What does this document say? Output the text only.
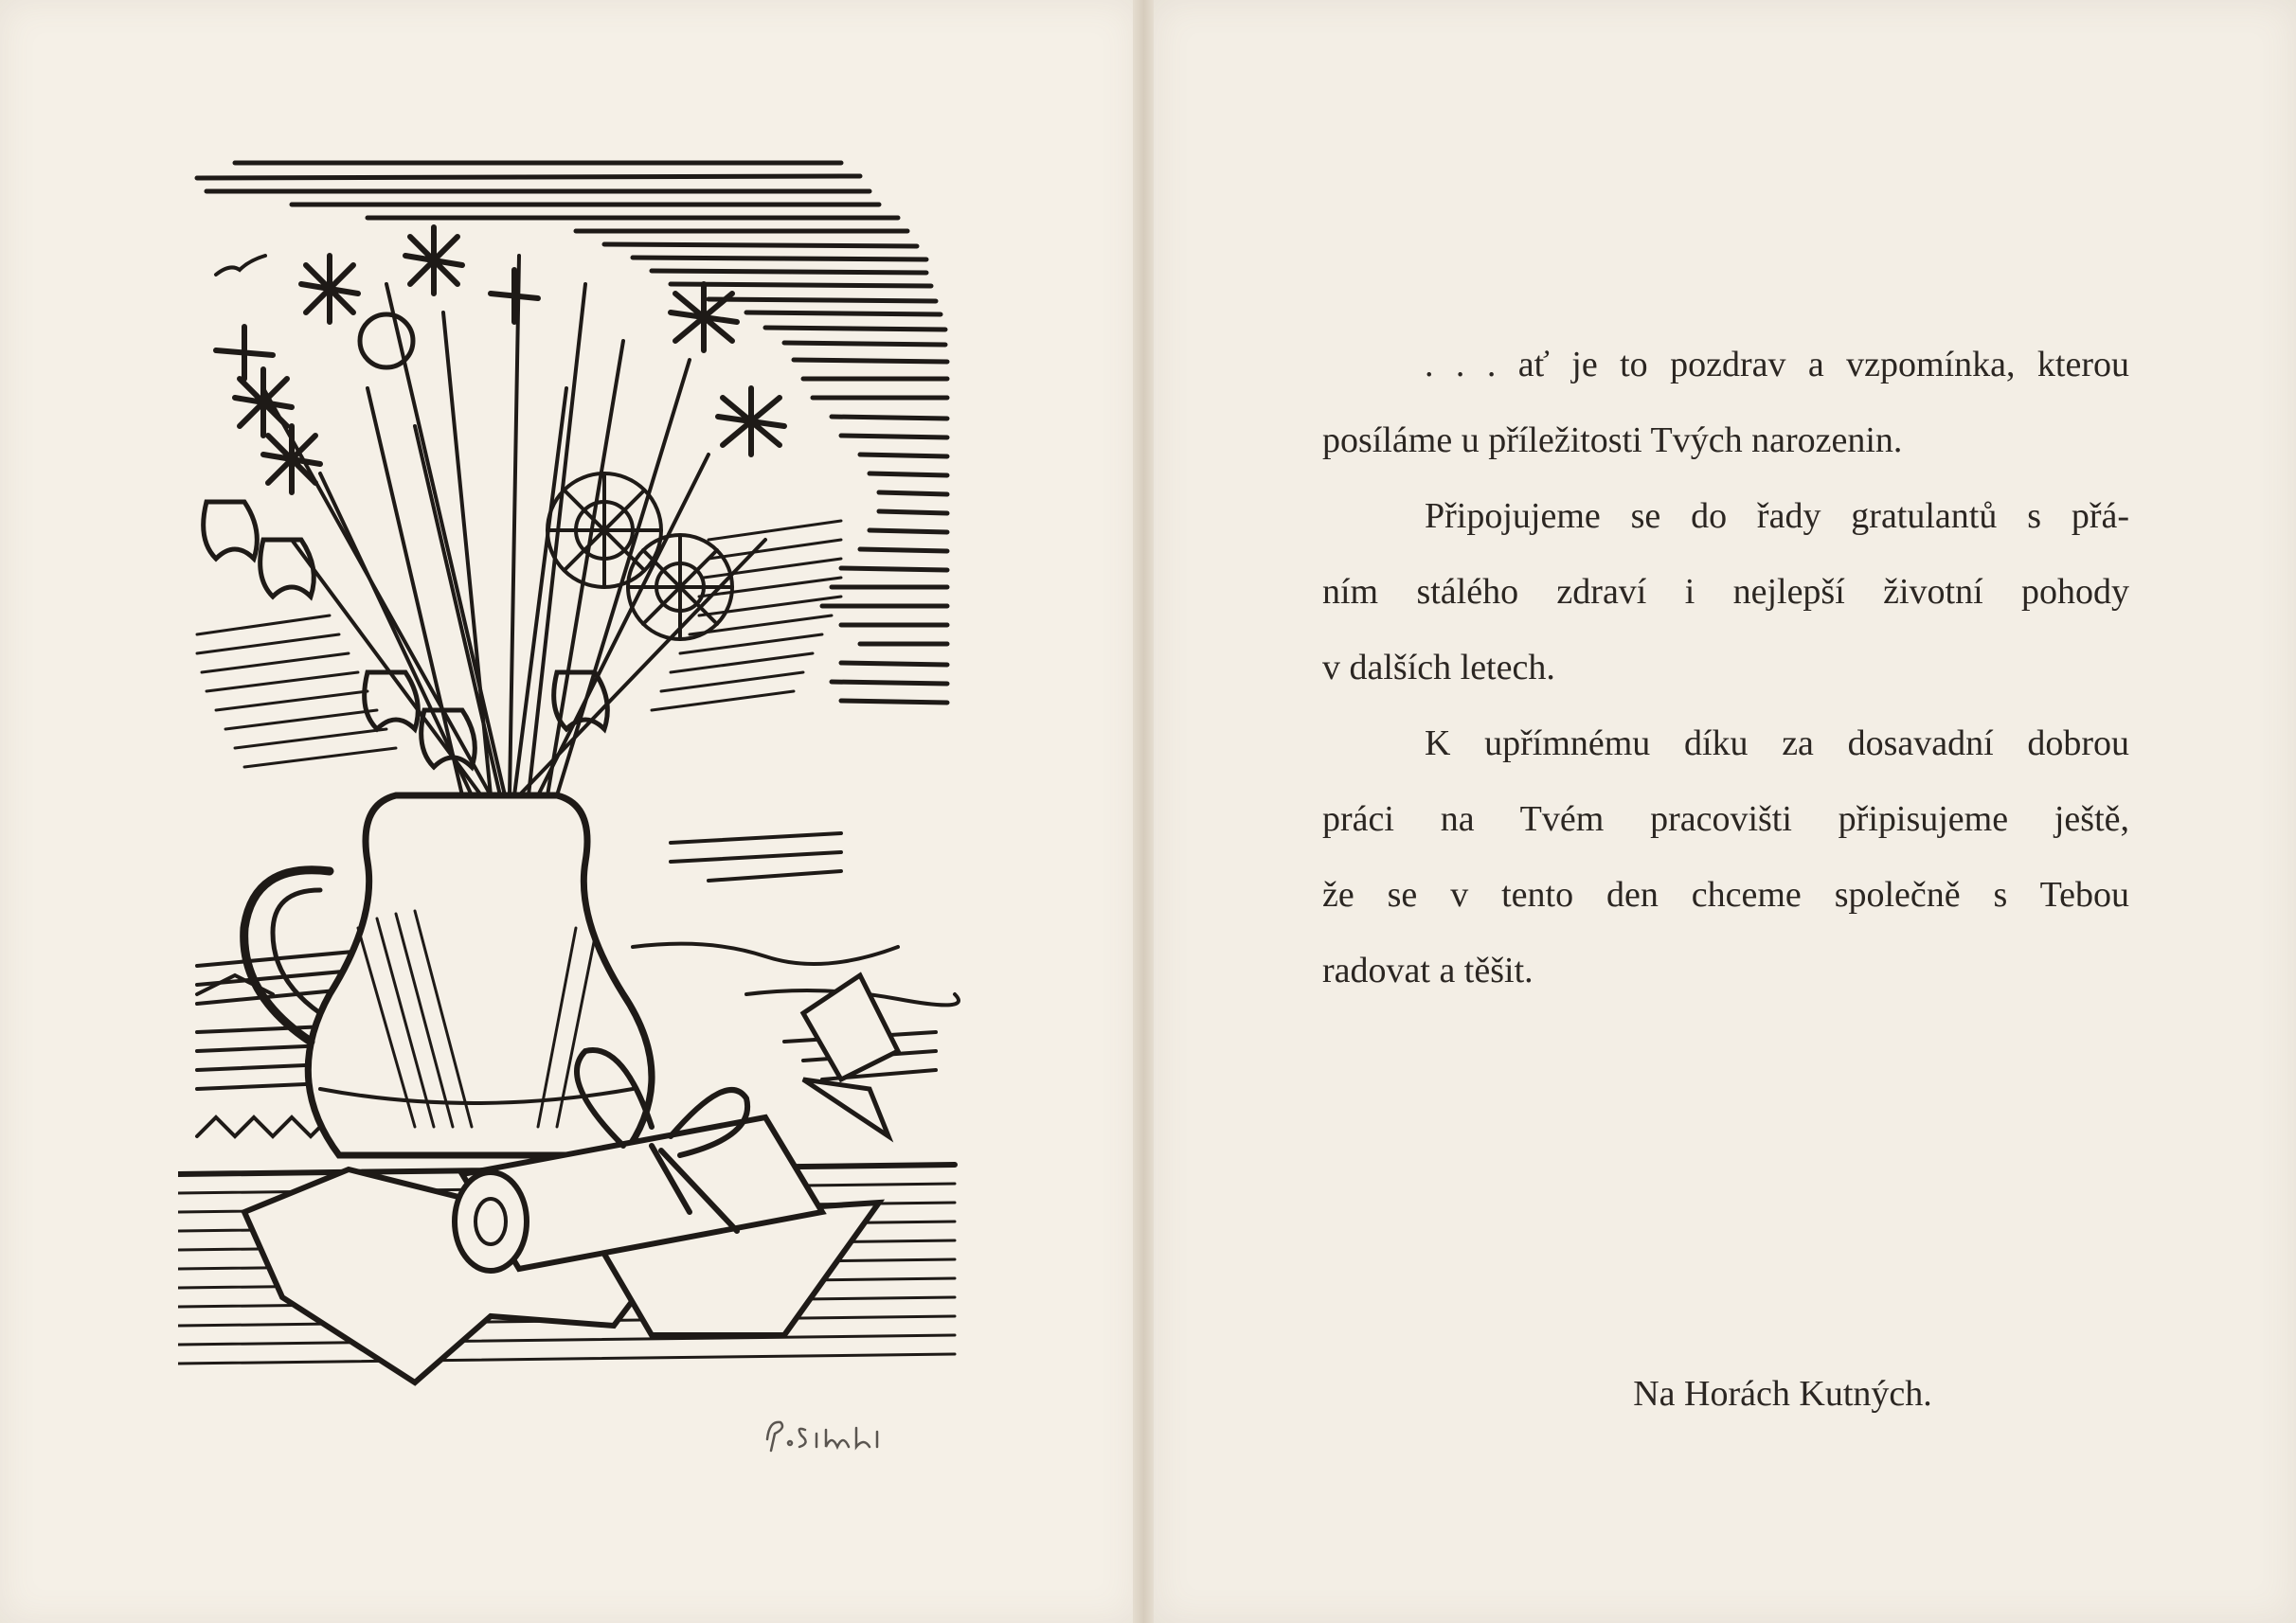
. . . ať je to pozdrav a vzpomínka, kterou
posíláme u příležitosti Tvých narozenin.

Připojujeme se do řady gratulantů s přá-
ním stálého zdraví i nejlepší životní pohody
v dalších letech.

K upřímnému díku za dosavadní dobrou
práci na Tvém pracovišti připisujeme ještě,
že se v tento den chceme společně s Tebou
radovat a těšit.

Na Horách Kutných.
